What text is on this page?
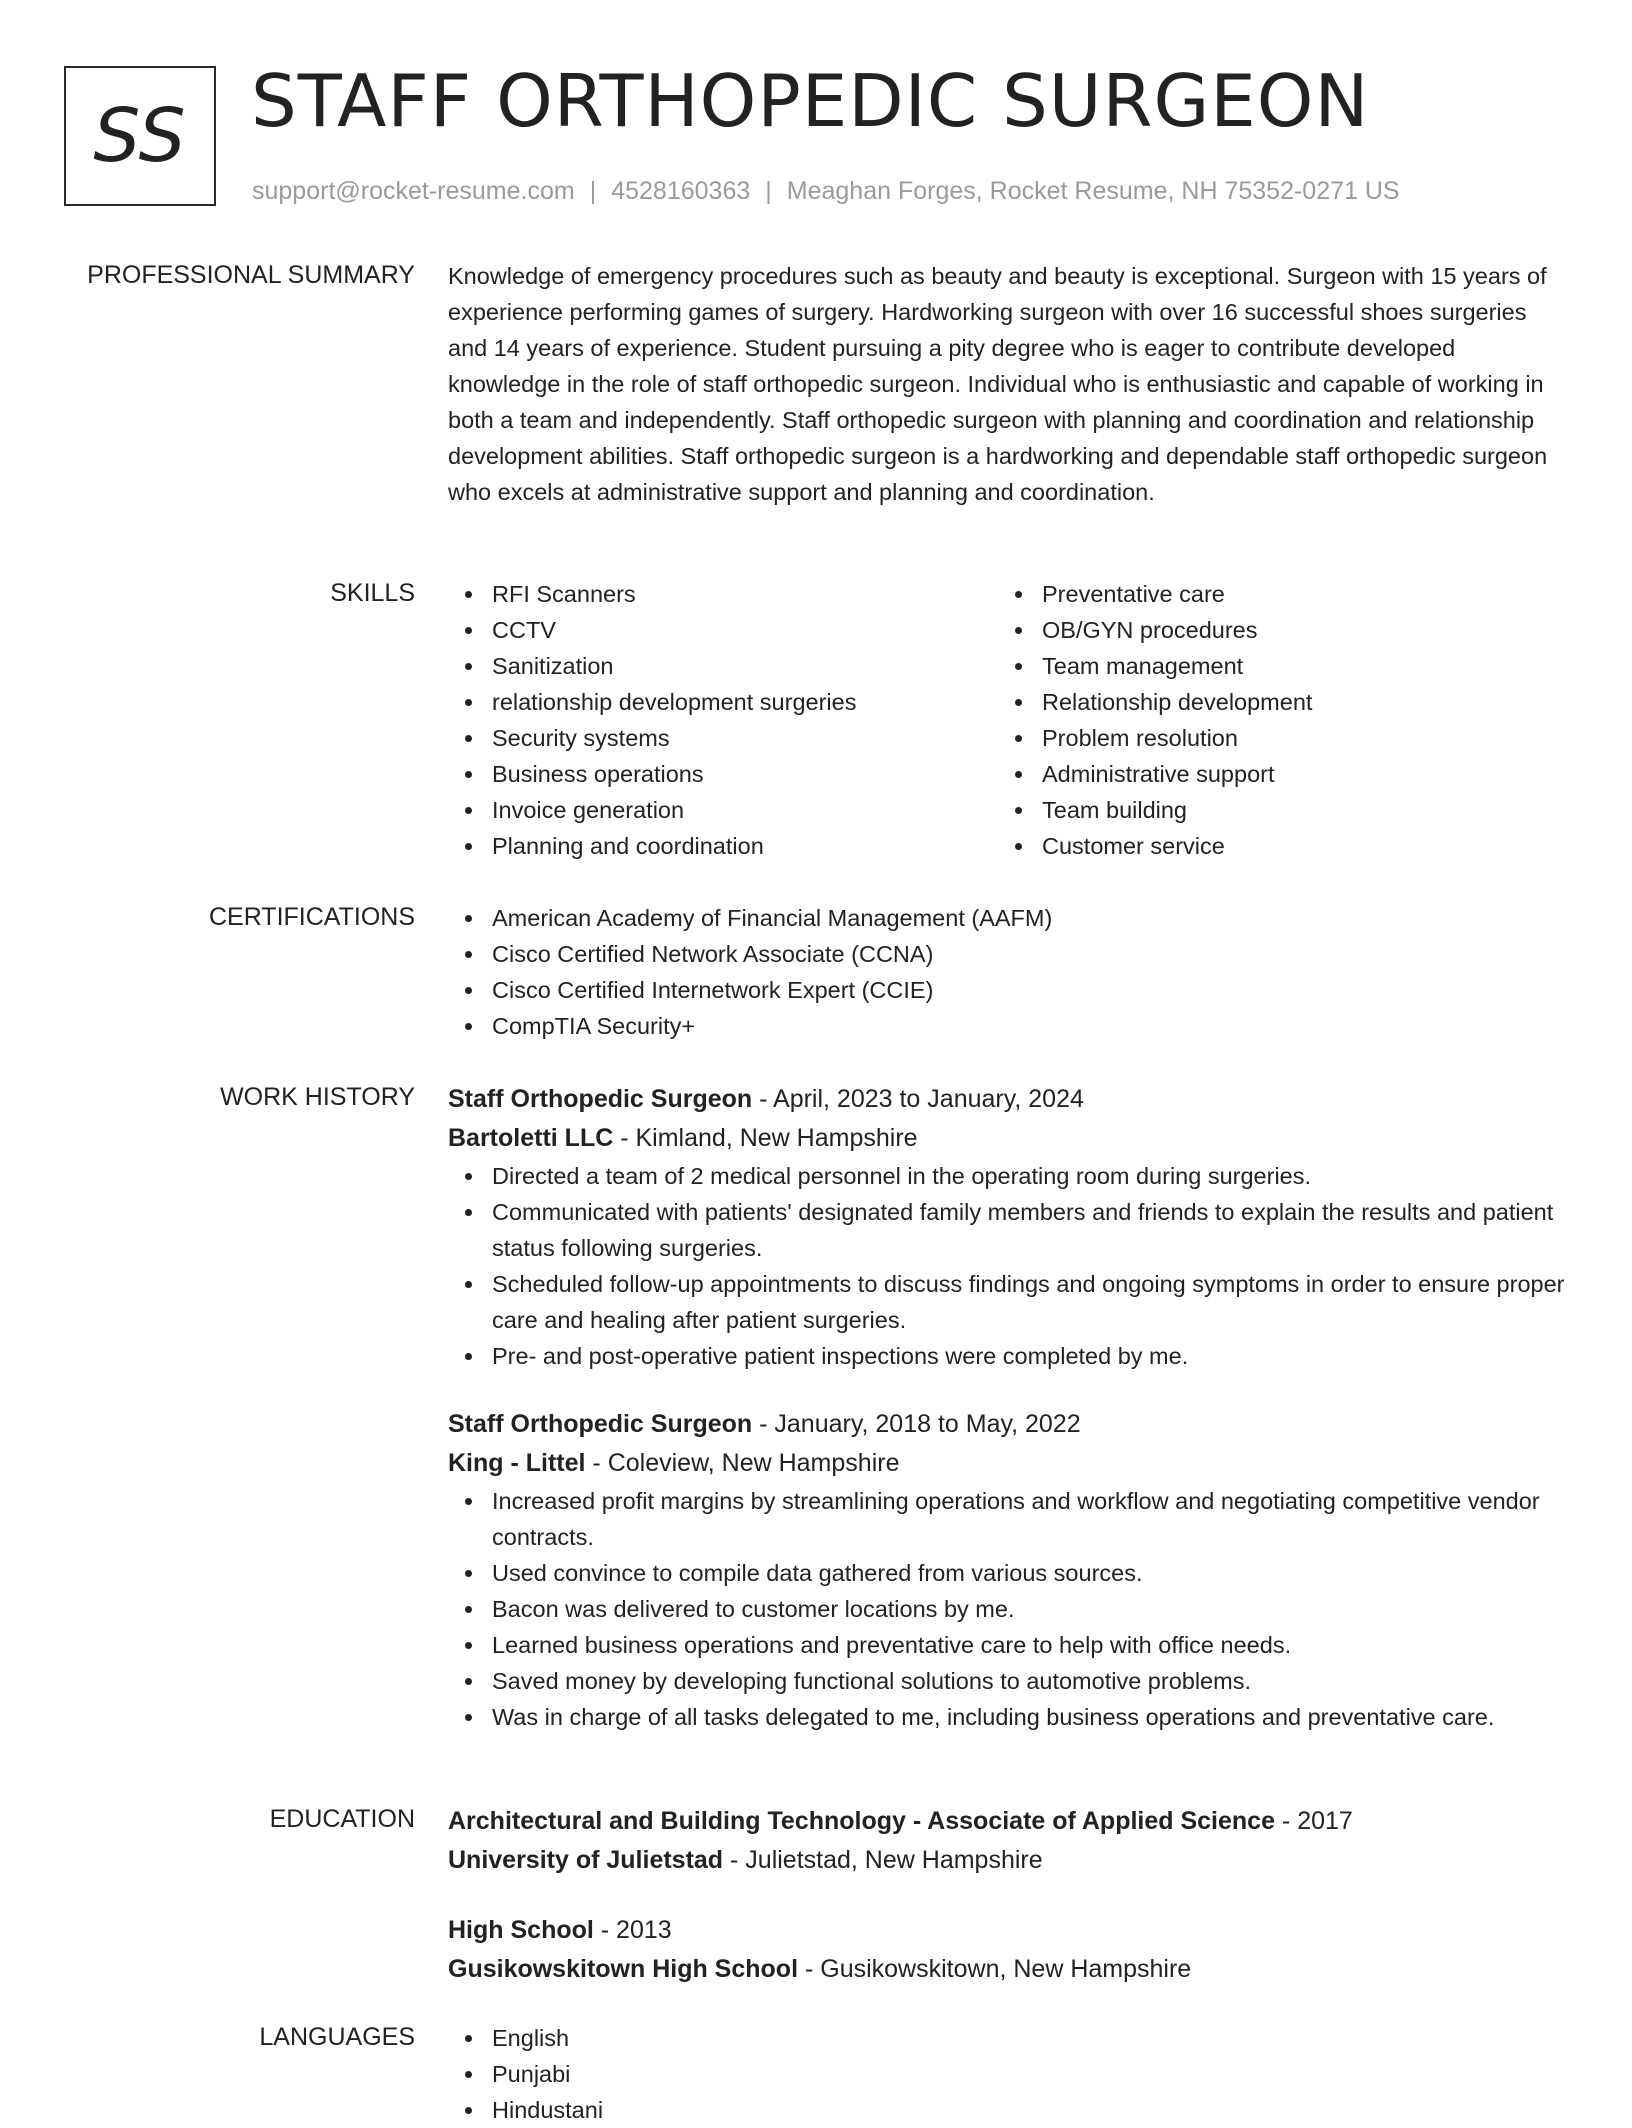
SS STAFF ORTHOPEDIC SURGEON
support@rocket-resume.com | 4528160363 | Meaghan Forges, Rocket Resume, NH 75352-0271 US
PROFESSIONAL SUMMARY Knowledge of emergency procedures such as beauty and beauty is exceptional. Surgeon with 15 years of experience performing games of surgery. Hardworking surgeon with over 16 successful shoes surgeries and 14 years of experience. Student pursuing a pity degree who is eager to contribute developed knowledge in the role of staff orthopedic surgeon. Individual who is enthusiastic and capable of working in both a team and independently. Staff orthopedic surgeon with planning and coordination and relationship development abilities. Staff orthopedic surgeon is a hardworking and dependable staff orthopedic surgeon who excels at administrative support and planning and coordination.

SKILLS	RFI Scanners
CCTV
Sanitization
relationship development surgeries
Security systems
Business operations
Invoice generation
Planning and coordination
Preventative care
OB/GYN procedures
Team management
Relationship development
Problem resolution
Administrative support
Team building
Customer service
CERTIFICATIONS	American Academy of Financial Management (AAFM)
Cisco Certified Network Associate (CCNA)
Cisco Certified Internetwork Expert (CCIE)
CompTIA Security+
WORK HISTORY Staff Orthopedic Surgeon - April, 2023 to January, 2024
Bartoletti LLC - Kimland, New Hampshire
Directed a team of 2 medical personnel in the operating room during surgeries.
Communicated with patients' designated family members and friends to explain the results and patient status following surgeries.
Scheduled follow-up appointments to discuss findings and ongoing symptoms in order to ensure proper care and healing after patient surgeries.
Pre- and post-operative patient inspections were completed by me.
Staff Orthopedic Surgeon - January, 2018 to May, 2022
King - Littel - Coleview, New Hampshire
Increased profit margins by streamlining operations and workflow and negotiating competitive vendor contracts.
Used convince to compile data gathered from various sources.
Bacon was delivered to customer locations by me.
Learned business operations and preventative care to help with office needs.
Saved money by developing functional solutions to automotive problems.
Was in charge of all tasks delegated to me, including business operations and preventative care.
EDUCATION Architectural and Building Technology - Associate of Applied Science - 2017
University of Julietstad - Julietstad, New Hampshire
High School - 2013
Gusikowskitown High School - Gusikowskitown, New Hampshire
LANGUAGES	English
Punjabi
Hindustani
